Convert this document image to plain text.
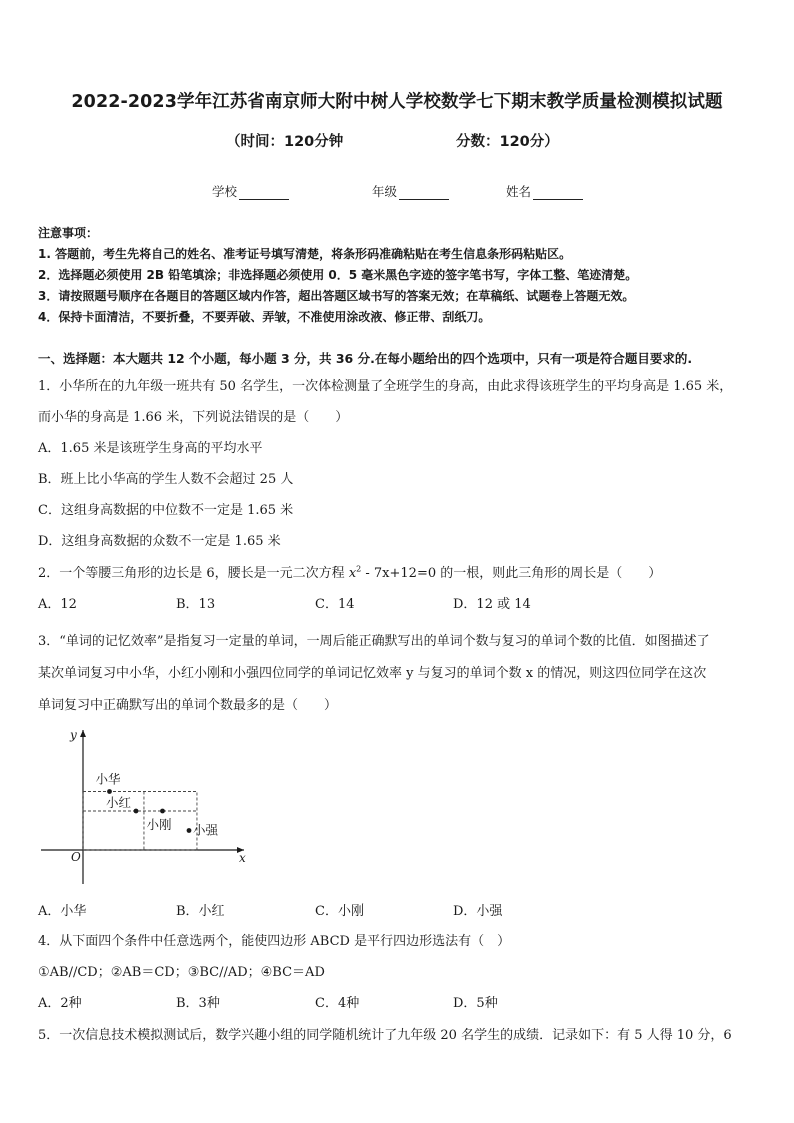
2022-2023学年江苏省南京师大附中树人学校数学七下期末教学质量检测模拟试题
（时间：120分钟	分数：120分）
学校	年级	姓名
注意事项：
1. 答题前，考生先将自己的姓名、准考证号填写清楚，将条形码准确粘贴在考生信息条形码粘贴区。
2．选择题必须使用 2B 铅笔填涂；非选择题必须使用 0．5 毫米黑色字迹的签字笔书写，字体工整、笔迹清楚。
3．请按照题号顺序在各题目的答题区域内作答，超出答题区域书写的答案无效；在草稿纸、试题卷上答题无效。
4．保持卡面清洁，不要折叠，不要弄破、弄皱，不准使用涂改液、修正带、刮纸刀。
一、选择题：本大题共 12 个小题，每小题 3 分，共 36 分.在每小题给出的四个选项中，只有一项是符合题目要求的.
1．小华所在的九年级一班共有 50 名学生，一次体检测量了全班学生的身高，由此求得该班学生的平均身高是 1.65 米，
而小华的身高是 1.66 米，下列说法错误的是（　　）
A．1.65 米是该班学生身高的平均水平
B．班上比小华高的学生人数不会超过 25 人
C．这组身高数据的中位数不一定是 1.65 米
D．这组身高数据的众数不一定是 1.65 米
2．一个等腰三角形的边长是 6，腰长是一元二次方程 $x^2 - 7x+12=0$ 的一根，则此三角形的周长是（　　）
A．12	B．13	C．14	D．12 或 14
3．“单词的记忆效率”是指复习一定量的单词，一周后能正确默写出的单词个数与复习的单词个数的比值．如图描述了
某次单词复习中小华，小红小刚和小强四位同学的单词记忆效率 y 与复习的单词个数 x 的情况，则这四位同学在这次
单词复习中正确默写出的单词个数最多的是（　　）
x
y
O
小华
小红
小刚 小强
A．小华	B．小红	C．小刚	D．小强
4．从下面四个条件中任意选两个，能使四边形 ABCD 是平行四边形选法有（　）
①AB//CD；②AB＝CD；③BC//AD；④BC＝AD
A．2种	B．3种	C．4种	D．5种
5．一次信息技术模拟测试后，数学兴趣小组的同学随机统计了九年级 20 名学生的成绩．记录如下：有 5 人得 10 分，6
